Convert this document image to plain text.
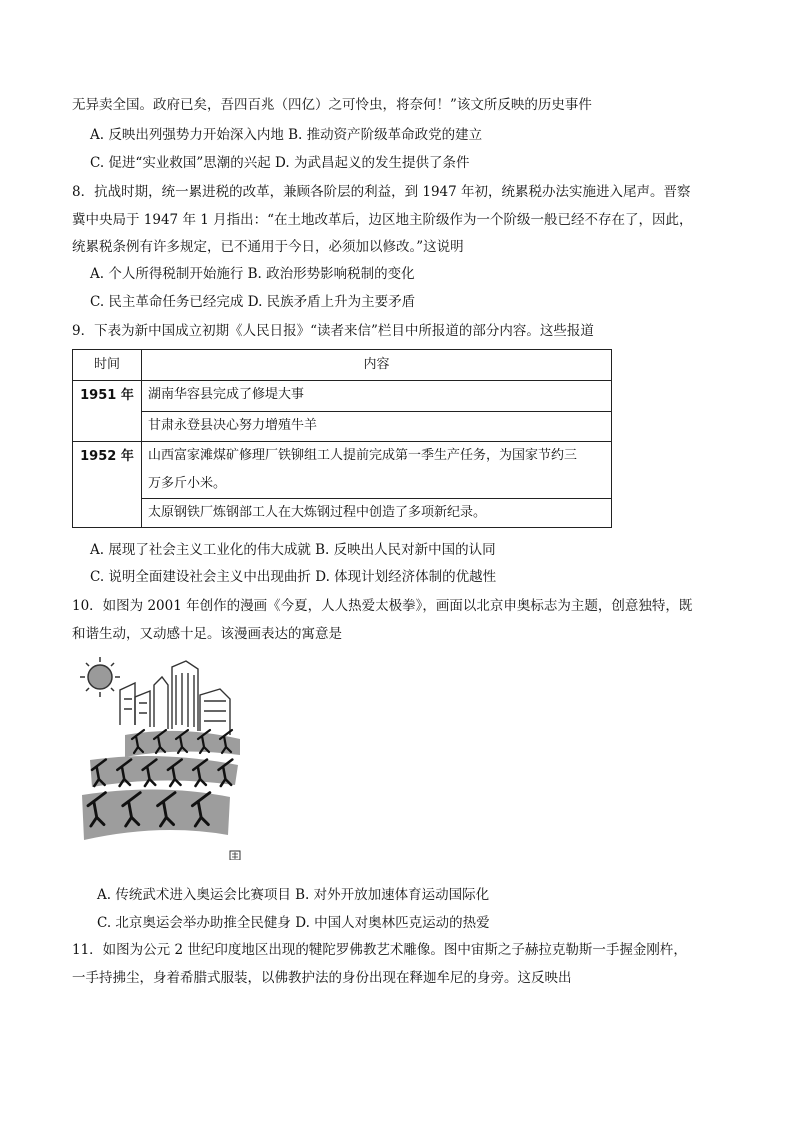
无异卖全国。政府已矣，吾四百兆（四亿）之可怜虫，将奈何！”该文所反映的历史事件
A. 反映出列强势力开始深入内地 B. 推动资产阶级革命政党的建立
C. 促进“实业救国”思潮的兴起 D. 为武昌起义的发生提供了条件
8．抗战时期，统一累进税的改革，兼顾各阶层的利益，到 1947 年初，统累税办法实施进入尾声。晋察
冀中央局于 1947 年 1 月指出：“在土地改革后，边区地主阶级作为一个阶级一般已经不存在了，因此，
统累税条例有许多规定，已不通用于今日，必须加以修改。”这说明
A. 个人所得税制开始施行 B. 政治形势影响税制的变化
C. 民主革命任务已经完成 D. 民族矛盾上升为主要矛盾
9．下表为新中国成立初期《人民日报》“读者来信”栏目中所报道的部分内容。这些报道
时间	内容
1951 年	湖南华容县完成了修堤大事
	甘肃永登县决心努力增殖牛羊
1952 年	山西富家滩煤矿修理厂铁铆组工人提前完成第一季生产任务，为国家节约三
万多斤小米。

	太原钢铁厂炼钢部工人在大炼钢过程中创造了多项新纪录。
A. 展现了社会主义工业化的伟大成就 B. 反映出人民对新中国的认同
C. 说明全面建设社会主义中出现曲折 D. 体现计划经济体制的优越性
10．如图为 2001 年创作的漫画《今夏，人人热爱太极拳》，画面以北京申奥标志为主题，创意独特，既
和谐生动，又动感十足。该漫画表达的寓意是
A. 传统武术进入奥运会比赛项目 B. 对外开放加速体育运动国际化
C. 北京奥运会举办助推全民健身 D. 中国人对奥林匹克运动的热爱
11．如图为公元 2 世纪印度地区出现的犍陀罗佛教艺术雕像。图中宙斯之子赫拉克勒斯一手握金刚杵，
一手持拂尘，身着希腊式服装，以佛教护法的身份出现在释迦牟尼的身旁。这反映出
